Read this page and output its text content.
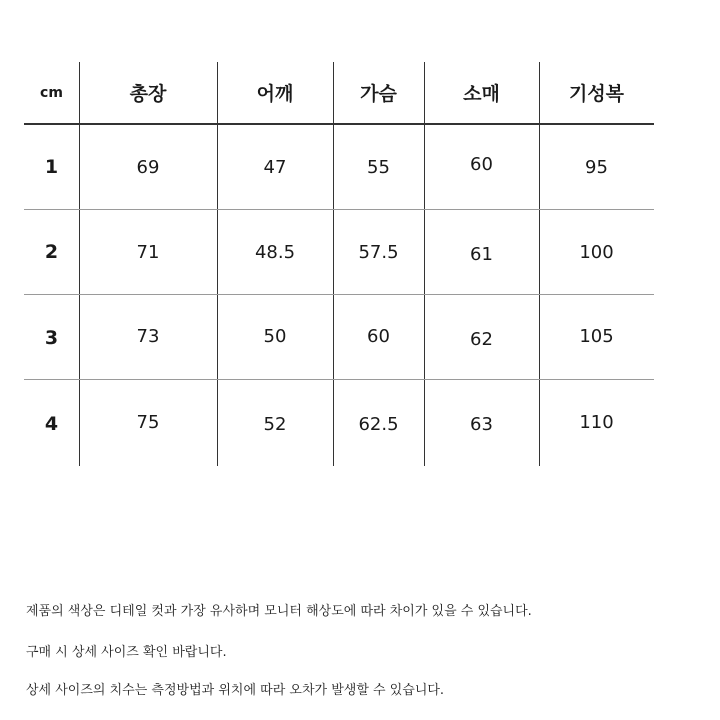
cm	총장	어깨	가슴	소매	기성복
1	69	47	55	60	95
2	71	48.5	57.5	61	100
3	73	50	60	62	105
4	75	52	62.5	63	110
제품의 색상은 디테일 컷과 가장 유사하며 모니터 해상도에 따라 차이가 있을 수 있습니다.
구매 시 상세 사이즈 확인 바랍니다.
상세 사이즈의 치수는 측정방법과 위치에 따라 오차가 발생할 수 있습니다.
